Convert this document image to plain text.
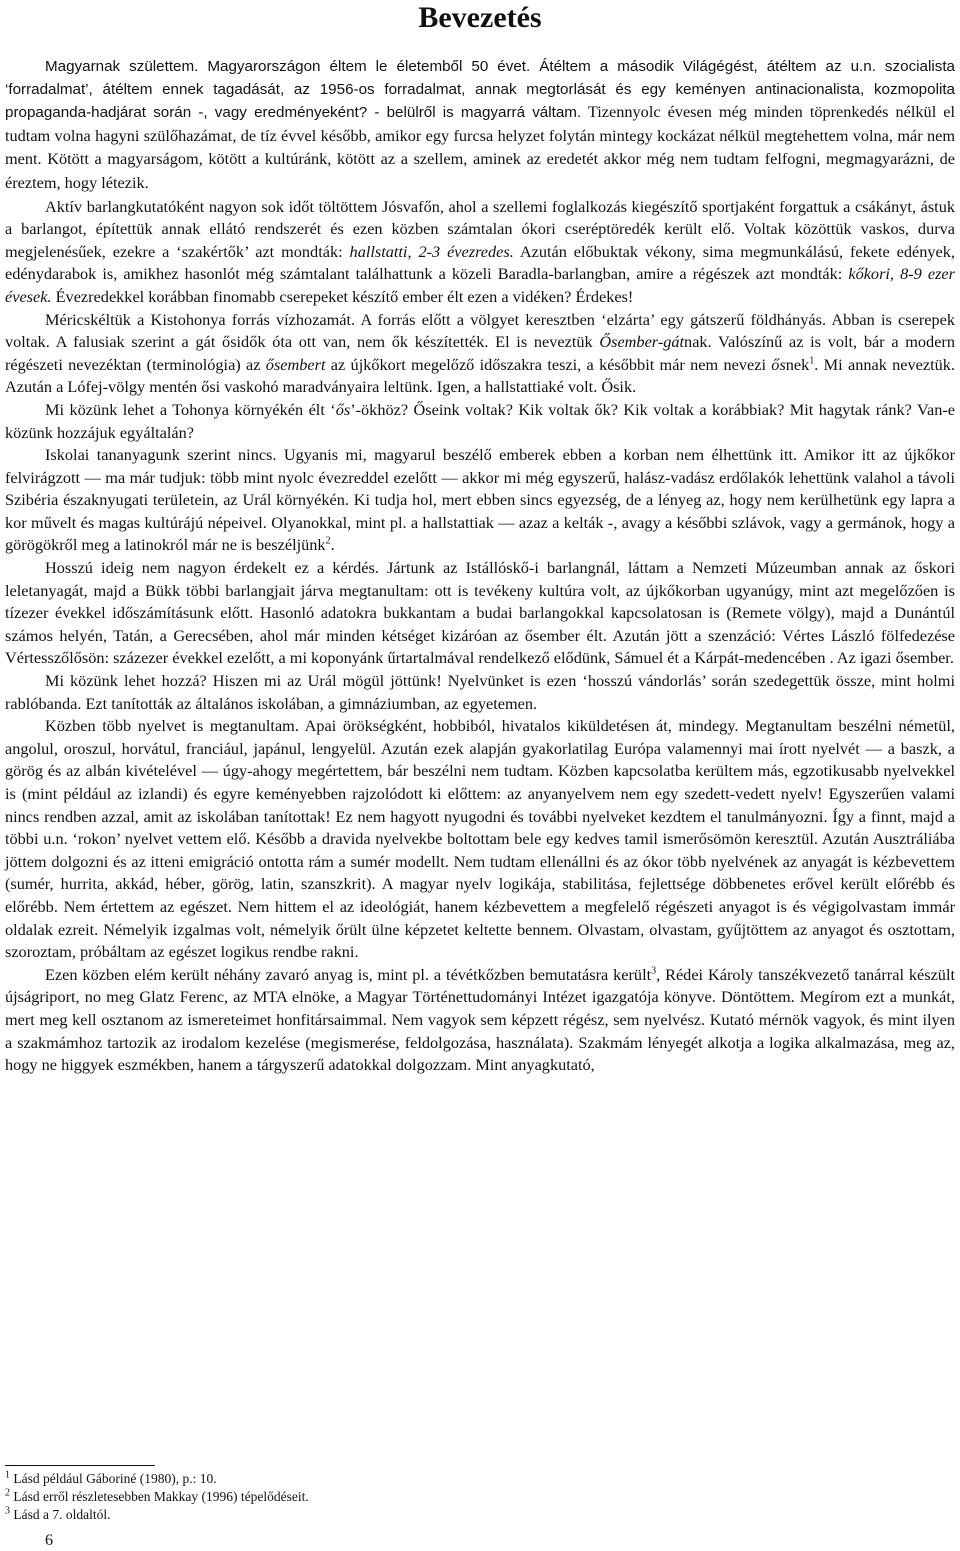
Bevezetés

Magyarnak születtem. Magyarországon éltem le életemből 50 évet. Átéltem a második Világégést, átéltem az u.n. szocialista ‘forradalmat’, átéltem ennek tagadását, az 1956-os forradalmat, annak megtorlását és egy keményen antinacionalista, kozmopolita propaganda-hadjárat során -, vagy eredményeként? - belülről is magyarrá váltam. Tizennyolc évesen még minden töprenkedés nélkül el tudtam volna hagyni szülőhazámat, de tíz évvel később, amikor egy furcsa helyzet folytán mintegy kockázat nélkül megtehettem volna, már nem ment. Kötött a magyarságom, kötött a kultúránk, kötött az a szellem, aminek az eredetét akkor még nem tudtam felfogni, megmagyarázni, de éreztem, hogy létezik.

Aktív barlangkutatóként nagyon sok időt töltöttem Jósvafőn, ahol a szellemi foglalkozás kiegészítő sportjaként forgattuk a csákányt, ástuk a barlangot, építettük annak ellátó rendszerét és ezen közben számtalan ókori cseréptöredék került elő. Voltak közöttük vaskos, durva megjelenésűek, ezekre a ‘szakértők’ azt mondták: hallstatti, 2-3 évezredes. Azután előbuktak vékony, sima megmunkálású, fekete edények, edénydarabok is, amikhez hasonlót még számtalant találhattunk a közeli Baradla-barlangban, amire a régészek azt mondták: kőkori, 8-9 ezer évesek. Évezredekkel korábban finomabb cserepeket készítő ember élt ezen a vidéken? Érdekes!

Méricskéltük a Kistohonya forrás vízhozamát. A forrás előtt a völgyet keresztben ‘elzárta’ egy gátszerű földhányás. Abban is cserepek voltak. A falusiak szerint a gát ősidők óta ott van, nem ők készítették. El is neveztük Ősember-gátnak. Valószínű az is volt, bár a modern régészeti nevezéktan (terminológia) az ősembert az újkőkort megelőző időszakra teszi, a későbbit már nem nevezi ősnek$^1$. Mi annak neveztük. Azután a Lófej-völgy mentén ősi vaskohó maradványaira leltünk. Igen, a hallstattiaké volt. Ősik.

Mi közünk lehet a Tohonya környékén élt ‘ős’-ökhöz? Őseink voltak? Kik voltak ők? Kik voltak a korábbiak? Mit hagytak ránk? Van-e közünk hozzájuk egyáltalán?

Iskolai tananyagunk szerint nincs. Ugyanis mi, magyarul beszélő emberek ebben a korban nem élhettünk itt. Amikor itt az újkőkor felvirágzott — ma már tudjuk: több mint nyolc évezreddel ezelőtt — akkor mi még egyszerű, halász-vadász erdőlakók lehettünk valahol a távoli Szibéria északnyugati területein, az Urál környékén. Ki tudja hol, mert ebben sincs egyezség, de a lényeg az, hogy nem kerülhetünk egy lapra a kor művelt és magas kultúrájú népeivel. Olyanokkal, mint pl. a hallstattiak — azaz a kelták -, avagy a későbbi szlávok, vagy a germánok, hogy a görögökről meg a latinokról már ne is beszéljünk$^2$.

Hosszú ideig nem nagyon érdekelt ez a kérdés. Jártunk az Istállóskő-i barlangnál, láttam a Nemzeti Múzeumban annak az őskori leletanyagát, majd a Bükk többi barlangjait járva megtanultam: ott is tevékeny kultúra volt, az újkőkorban ugyanúgy, mint azt megelőzően is tízezer évekkel időszámításunk előtt. Hasonló adatokra bukkantam a budai barlangokkal kapcsolatosan is (Remete völgy), majd a Dunántúl számos helyén, Tatán, a Gerecsében, ahol már minden kétséget kizáróan az ősember élt. Azután jött a szenzáció: Vértes László fölfedezése Vértesszőlősön: százezer évekkel ezelőtt, a mi koponyánk űrtartalmával rendelkező elődünk, Sámuel ét a Kárpát-medencében . Az igazi ősember.

Mi közünk lehet hozzá? Hiszen mi az Urál mögül jöttünk! Nyelvünket is ezen ‘hosszú vándorlás’ során szedegettük össze, mint holmi rablóbanda. Ezt tanították az általános iskolában, a gimnáziumban, az egyetemen.

Közben több nyelvet is megtanultam. Apai örökségként, hobbiból, hivatalos kiküldetésen át, mindegy. Megtanultam beszélni németül, angolul, oroszul, horvátul, franciául, japánul, lengyelül. Azután ezek alapján gyakorlatilag Európa valamennyi mai írott nyelvét — a baszk, a görög és az albán kivételével — úgy-ahogy megértettem, bár beszélni nem tudtam. Közben kapcsolatba kerültem más, egzotikusabb nyelvekkel is (mint például az izlandi) és egyre keményebben rajzolódott ki előttem: az anyanyelvem nem egy szedett-vedett nyelv! Egyszerűen valami nincs rendben azzal, amit az iskolában tanítottak! Ez nem hagyott nyugodni és további nyelveket kezdtem el tanulmányozni. Így a finnt, majd a többi u.n. ‘rokon’ nyelvet vettem elő. Később a dravida nyelvekbe boltottam bele egy kedves tamil ismerősömön keresztül. Azután Ausztráliába jöttem dolgozni és az itteni emigráció ontotta rám a sumér modellt. Nem tudtam ellenállni és az ókor több nyelvének az anyagát is kézbevettem (sumér, hurrita, akkád, héber, görög, latin, szanszkrit). A magyar nyelv logikája, stabilitása, fejlettsége döbbenetes erővel került előrébb és előrébb. Nem értettem az egészet. Nem hittem el az ideológiát, hanem kézbevettem a megfelelő régészeti anyagot is és végigolvastam immár oldalak ezreit. Némelyik izgalmas volt, némelyik őrült ülne képzetet keltette bennem. Olvastam, olvastam, gyűjtöttem az anyagot és osztottam, szoroztam, próbáltam az egészet logikus rendbe rakni.

Ezen közben elém került néhány zavaró anyag is, mint pl. a tévétkőzben bemutatásra került$^3$, Rédei Károly tanszékvezető tanárral készült újságriport, no meg Glatz Ferenc, az MTA elnöke, a Magyar Történettudományi Intézet igazgatója könyve. Döntöttem. Megírom ezt a munkát, mert meg kell osztanom az ismereteimet honfitársaimmal. Nem vagyok sem képzett régész, sem nyelvész. Kutató mérnök vagyok, és mint ilyen a szakmámhoz tartozik az irodalom kezelése (megismerése, feldolgozása, használata). Szakmám lényegét alkotja a logika alkalmazása, meg az, hogy ne higgyek eszmékben, hanem a tárgyszerű adatokkal dolgozzam. Mint anyagkutató,

$^1$ Lásd például Gáboriné (1980), p.: 10.

$^2$ Lásd erről részletesebben Makkay (1996) tépelődéseit.

$^3$ Lásd a 7. oldaltól.

6
